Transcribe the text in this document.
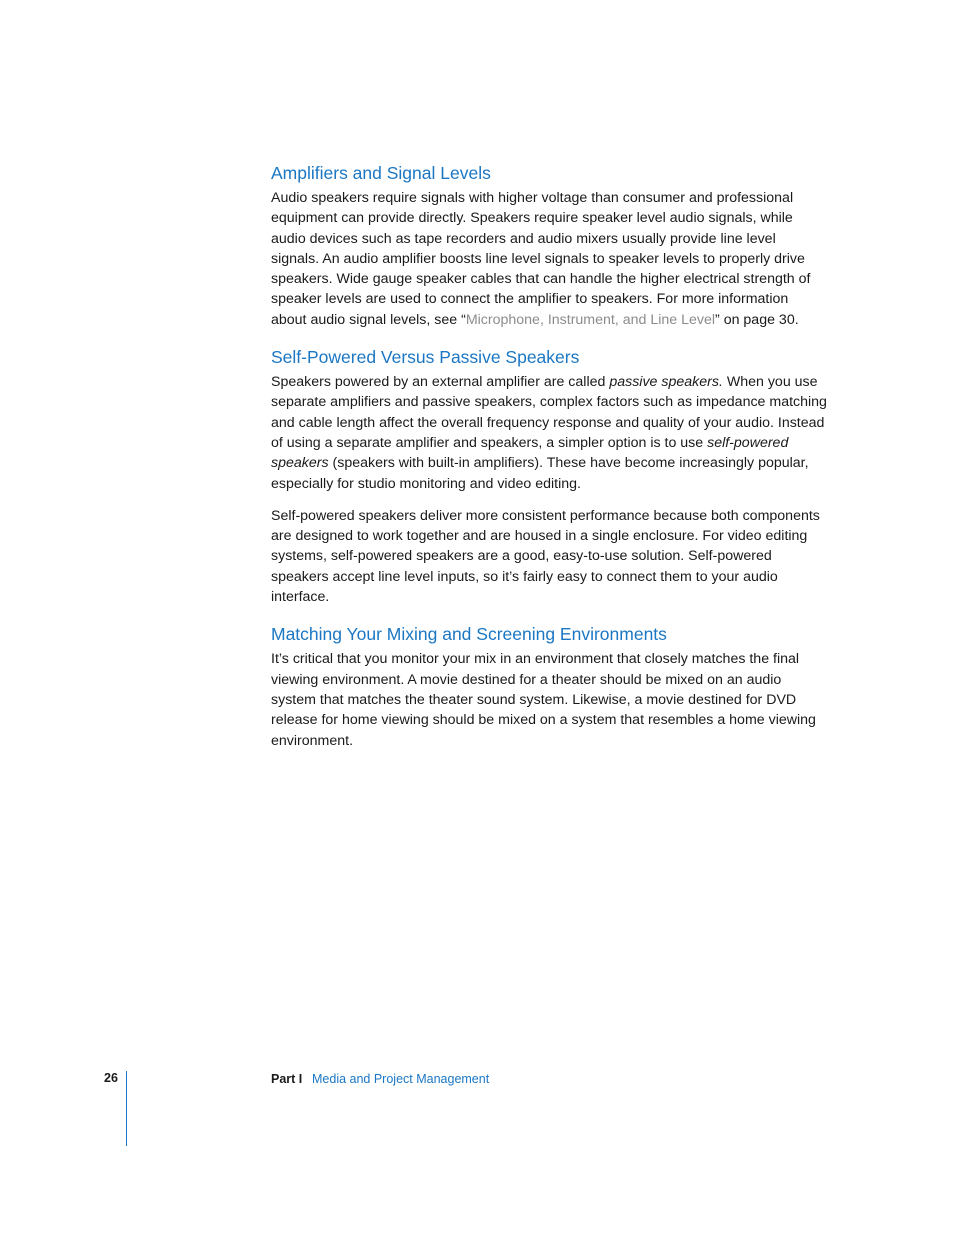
Amplifiers and Signal Levels

Audio speakers require signals with higher voltage than consumer and professional equipment can provide directly. Speakers require speaker level audio signals, while audio devices such as tape recorders and audio mixers usually provide line level signals. An audio amplifier boosts line level signals to speaker levels to properly drive speakers. Wide gauge speaker cables that can handle the higher electrical strength of speaker levels are used to connect the amplifier to speakers. For more information about audio signal levels, see “Microphone, Instrument, and Line Level” on page 30.

Self-Powered Versus Passive Speakers

Speakers powered by an external amplifier are called passive speakers. When you use separate amplifiers and passive speakers, complex factors such as impedance matching and cable length affect the overall frequency response and quality of your audio. Instead of using a separate amplifier and speakers, a simpler option is to use self-powered speakers (speakers with built-in amplifiers). These have become increasingly popular, especially for studio monitoring and video editing.

Self-powered speakers deliver more consistent performance because both components are designed to work together and are housed in a single enclosure. For video editing systems, self-powered speakers are a good, easy-to-use solution. Self-powered speakers accept line level inputs, so it’s fairly easy to connect them to your audio interface.

Matching Your Mixing and Screening Environments

It’s critical that you monitor your mix in an environment that closely matches the final viewing environment. A movie destined for a theater should be mixed on an audio system that matches the theater sound system. Likewise, a movie destined for DVD release for home viewing should be mixed on a system that resembles a home viewing environment.

26	Part I Media and Project Management
